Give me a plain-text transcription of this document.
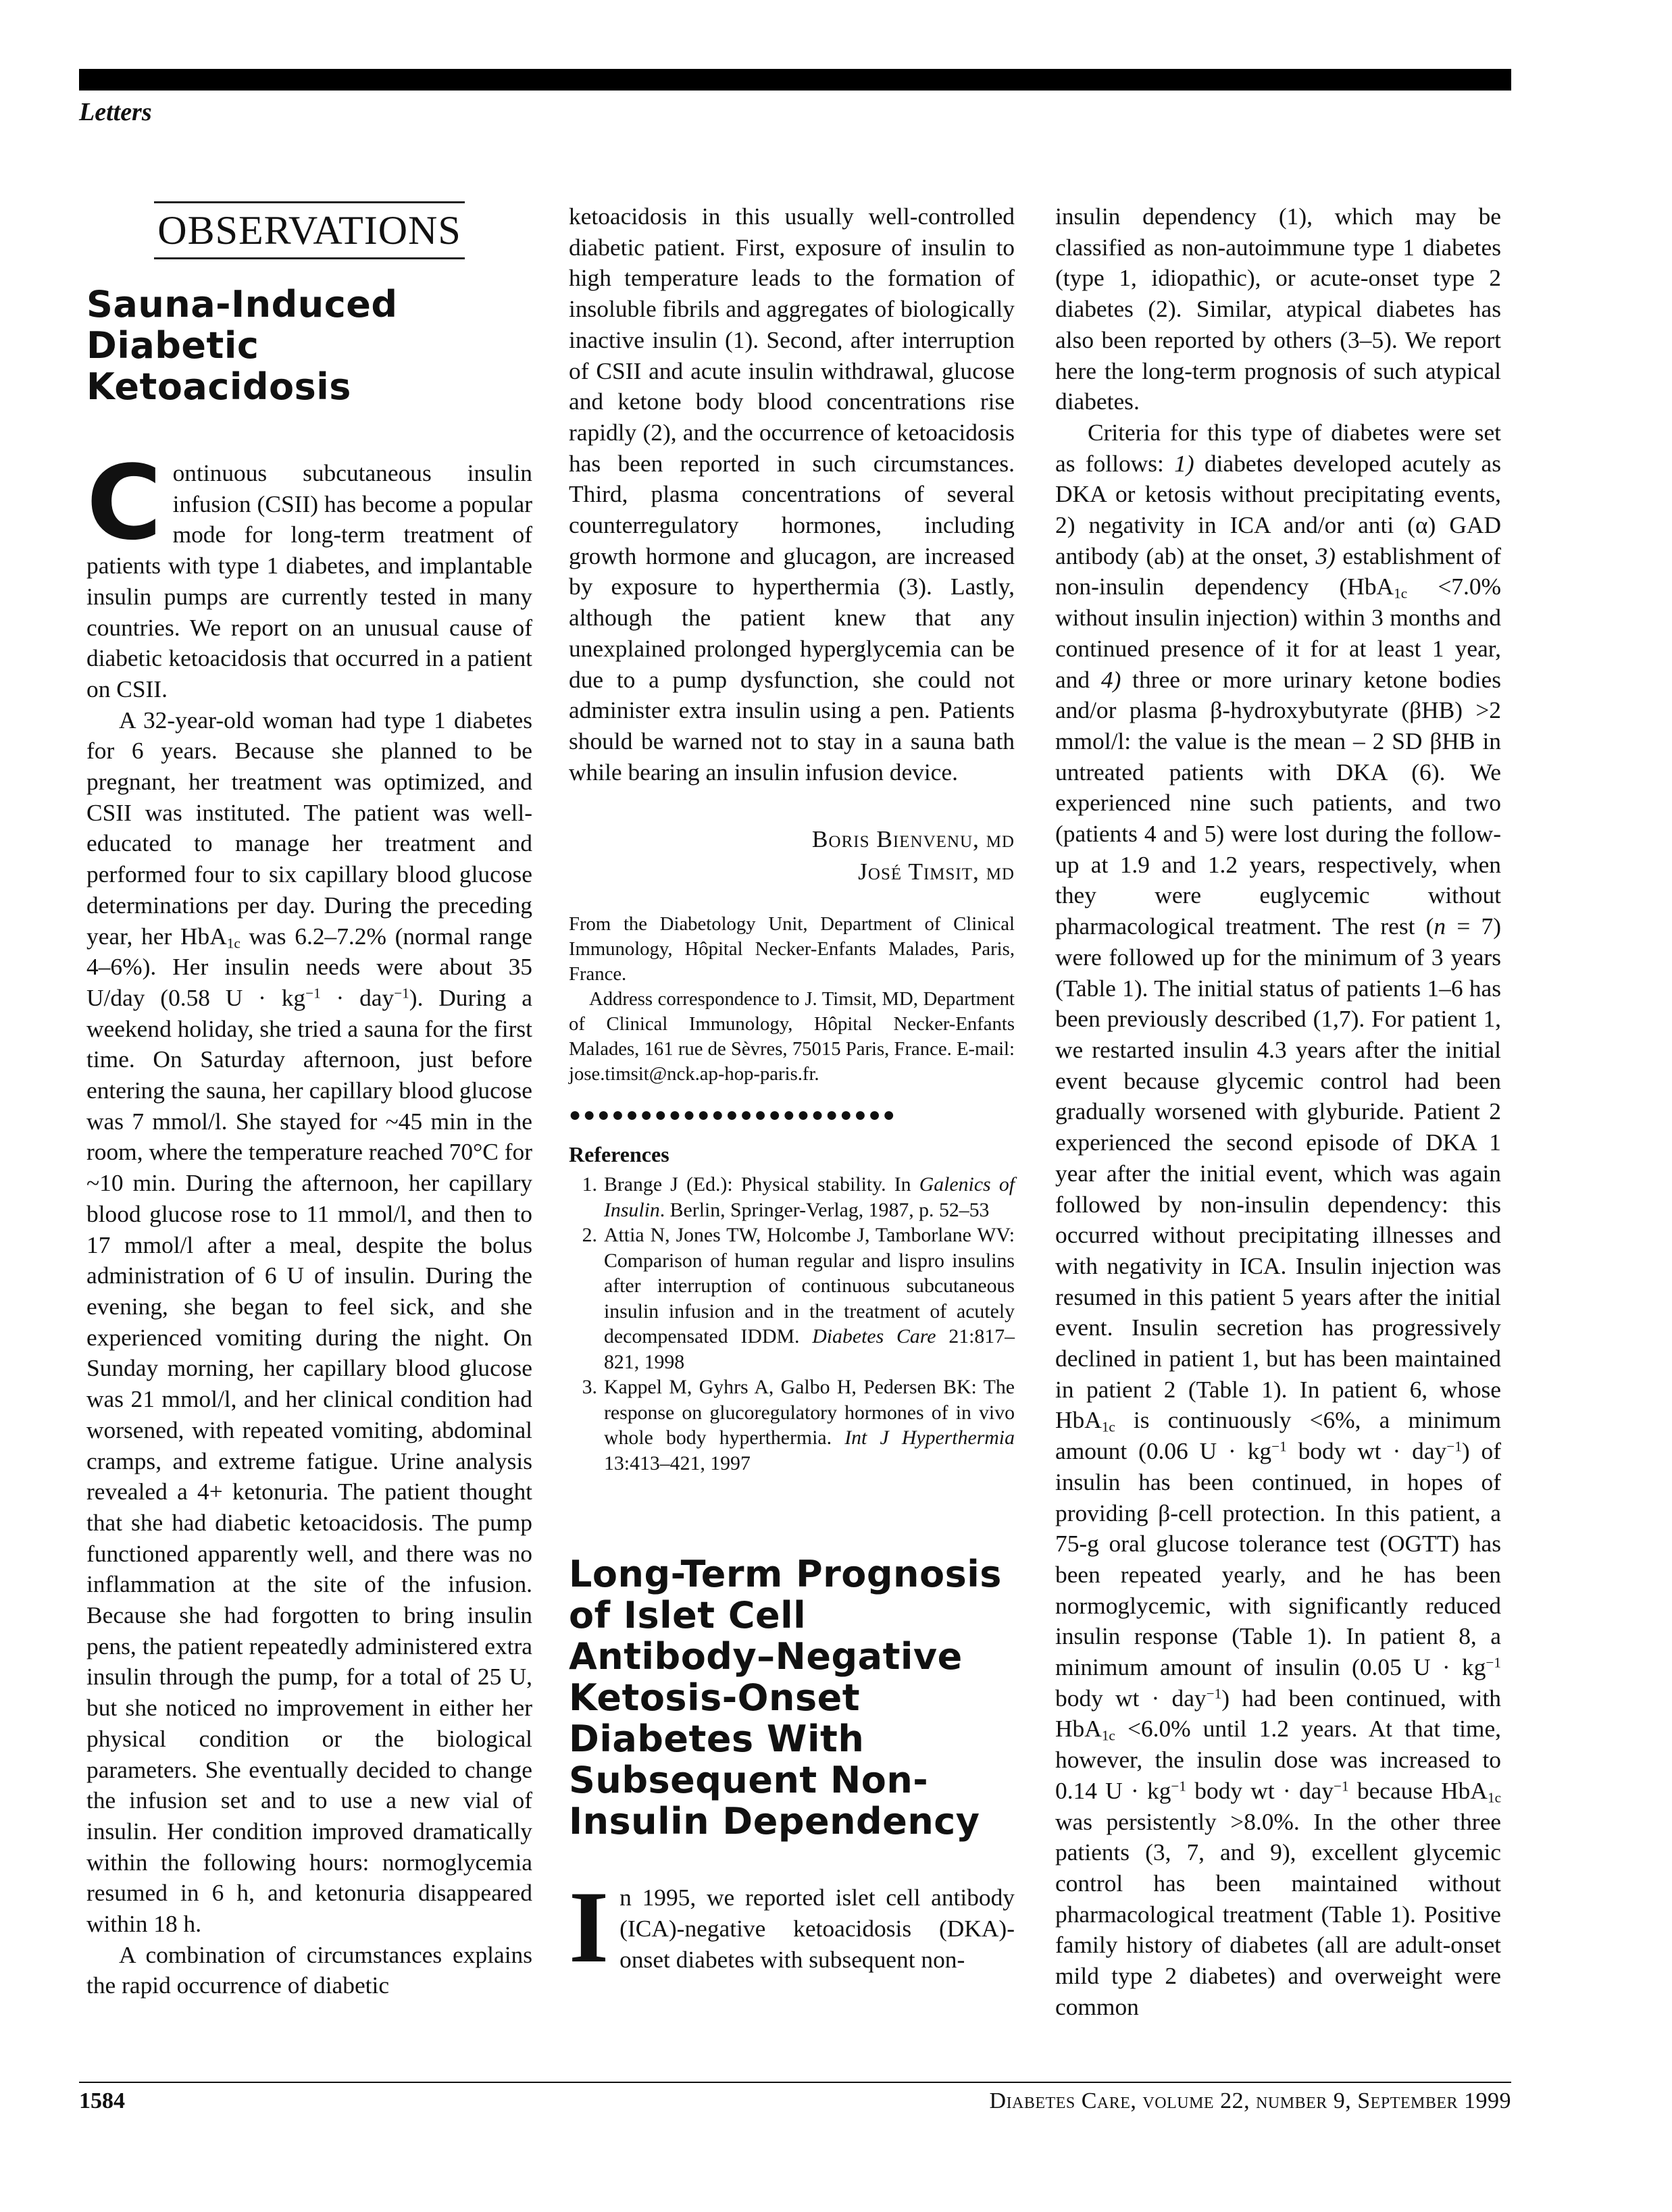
Letters
OBSERVATIONS
Sauna-Induced Diabetic Ketoacidosis

Continuous subcutaneous insulin infusion (CSII) has become a popular mode for long-term treatment of patients with type 1 diabetes, and implantable insulin pumps are currently tested in many countries. We report on an unusual cause of diabetic ketoacidosis that occurred in a patient on CSII.

A 32-year-old woman had type 1 diabetes for 6 years. Because she planned to be pregnant, her treatment was optimized, and CSII was instituted. The patient was well-educated to manage her treatment and performed four to six capillary blood glucose determinations per day. During the preceding year, her HbA$_{1c}$ was 6.2–7.2% (normal range 4–6%). Her insulin needs were about 35 U/day (0.58 $U \cdot kg^{-1} \cdot day^{-1}$). During a weekend holiday, she tried a sauna for the first time. On Saturday afternoon, just before entering the sauna, her capillary blood glucose was 7 mmol/l. She stayed for ~45 min in the room, where the temperature reached 70°C for ~10 min. During the afternoon, her capillary blood glucose rose to 11 mmol/l, and then to 17 mmol/l after a meal, despite the bolus administration of 6 U of insulin. During the evening, she began to feel sick, and she experienced vomiting during the night. On Sunday morning, her capillary blood glucose was 21 mmol/l, and her clinical condition had worsened, with repeated vomiting, abdominal cramps, and extreme fatigue. Urine analysis revealed a 4+ ketonuria. The patient thought that she had diabetic ketoacidosis. The pump functioned apparently well, and there was no inflammation at the site of the infusion. Because she had forgotten to bring insulin pens, the patient repeatedly administered extra insulin through the pump, for a total of 25 U, but she noticed no improvement in either her physical condition or the biological parameters. She eventually decided to change the infusion set and to use a new vial of insulin. Her condition improved dramatically within the following hours: normoglycemia resumed in 6 h, and ketonuria disappeared within 18 h.

A combination of circumstances explains the rapid occurrence of diabetic

ketoacidosis in this usually well-controlled diabetic patient. First, exposure of insulin to high temperature leads to the formation of insoluble fibrils and aggregates of biologically inactive insulin (1). Second, after interruption of CSII and acute insulin withdrawal, glucose and ketone body blood concentrations rise rapidly (2), and the occurrence of ketoacidosis has been reported in such circumstances. Third, plasma concentrations of several counterregulatory hormones, including growth hormone and glucagon, are increased by exposure to hyperthermia (3). Lastly, although the patient knew that any unexplained prolonged hyperglycemia can be due to a pump dysfunction, she could not administer extra insulin using a pen. Patients should be warned not to stay in a sauna bath while bearing an insulin infusion device.

Boris Bienvenu, md
José Timsit, md

From the Diabetology Unit, Department of Clinical Immunology, Hôpital Necker-Enfants Malades, Paris, France.

Address correspondence to J. Timsit, MD, Department of Clinical Immunology, Hôpital Necker-Enfants Malades, 161 rue de Sèvres, 75015 Paris, France. E-mail: jose.timsit@nck.ap-hop-paris.fr.

●●●●●●●●●●●●●●●●●●●●●●●
References
1. Brange J (Ed.): Physical stability. In Galenics of Insulin. Berlin, Springer-Verlag, 1987, p. 52–53
2. Attia N, Jones TW, Holcombe J, Tamborlane WV: Comparison of human regular and lispro insulins after interruption of continuous subcutaneous insulin infusion and in the treatment of acutely decompensated IDDM. Diabetes Care 21:817–821, 1998
3. Kappel M, Gyhrs A, Galbo H, Pedersen BK: The response on glucoregulatory hormones of in vivo whole body hyperthermia. Int J Hyperthermia 13:413–421, 1997
Long-Term Prognosis of Islet Cell Antibody–Negative Ketosis-Onset Diabetes With Subsequent Non-Insulin Dependency

In 1995, we reported islet cell antibody (ICA)-negative ketoacidosis (DKA)-onset diabetes with subsequent non-

insulin dependency (1), which may be classified as non-autoimmune type 1 diabetes (type 1, idiopathic), or acute-onset type 2 diabetes (2). Similar, atypical diabetes has also been reported by others (3–5). We report here the long-term prognosis of such atypical diabetes.

Criteria for this type of diabetes were set as follows: 1) diabetes developed acutely as DKA or ketosis without precipitating events, 2) negativity in ICA and/or anti (α) GAD antibody (ab) at the onset, 3) establishment of non-insulin dependency (HbA$_{1c}$ <7.0% without insulin injection) within 3 months and continued presence of it for at least 1 year, and 4) three or more urinary ketone bodies and/or plasma β-hydroxybutyrate (βHB) >2 mmol/l: the value is the mean – 2 SD βHB in untreated patients with DKA (6). We experienced nine such patients, and two (patients 4 and 5) were lost during the follow-up at 1.9 and 1.2 years, respectively, when they were euglycemic without pharmacological treatment. The rest (n = 7) were followed up for the minimum of 3 years (Table 1). The initial status of patients 1–6 has been previously described (1,7). For patient 1, we restarted insulin 4.3 years after the initial event because glycemic control had been gradually worsened with glyburide. Patient 2 experienced the second episode of DKA 1 year after the initial event, which was again followed by non-insulin dependency: this occurred without precipitating illnesses and with negativity in ICA. Insulin injection was resumed in this patient 5 years after the initial event. Insulin secretion has progressively declined in patient 1, but has been maintained in patient 2 (Table 1). In patient 6, whose HbA$_{1c}$ is continuously <6%, a minimum amount (0.06 $U \cdot kg^{-1}$ body wt · day$^{-1}$) of insulin has been continued, in hopes of providing β-cell protection. In this patient, a 75-g oral glucose tolerance test (OGTT) has been repeated yearly, and he has been normoglycemic, with significantly reduced insulin response (Table 1). In patient 8, a minimum amount of insulin (0.05 $U \cdot kg^{-1}$ body wt · day$^{-1}$) had been continued, with HbA$_{1c}$ <6.0% until 1.2 years. At that time, however, the insulin dose was increased to 0.14 $U \cdot kg^{-1}$ body wt · day$^{-1}$ because HbA$_{1c}$ was persistently >8.0%. In the other three patients (3, 7, and 9), excellent glycemic control has been maintained without pharmacological treatment (Table 1). Positive family history of diabetes (all are adult-onset mild type 2 diabetes) and overweight were common

1584	Diabetes Care, volume 22, number 9, September 1999
